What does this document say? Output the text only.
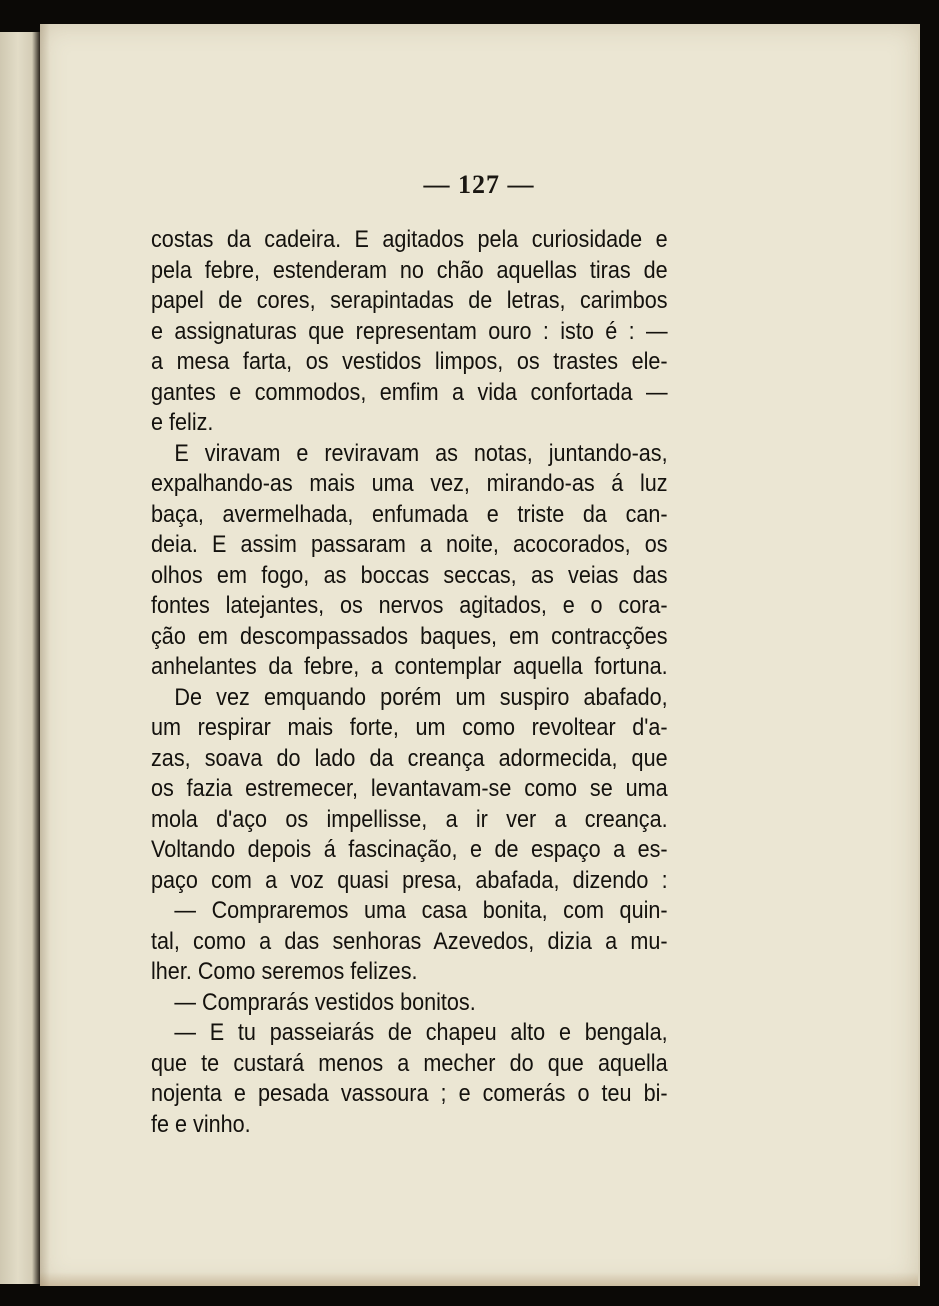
— 127 —
costas da cadeira. E agitados pela curiosidade e
pela febre, estenderam no chão aquellas tiras de
papel de cores, serapintadas de letras, carimbos
e assignaturas que representam ouro : isto é : —
a mesa farta, os vestidos limpos, os trastes ele-
gantes e commodos, emfim a vida confortada —
e feliz.
E viravam e reviravam as notas, juntando-as,
expalhando-as mais uma vez, mirando-as á luz
baça, avermelhada, enfumada e triste da can-
deia. E assim passaram a noite, acocorados, os
olhos em fogo, as boccas seccas, as veias das
fontes latejantes, os nervos agitados, e o cora-
ção em descompassados baques, em contracções
anhelantes da febre, a contemplar aquella fortuna.
De vez emquando porém um suspiro abafado,
um respirar mais forte, um como revoltear d'a-
zas, soava do lado da creança adormecida, que
os fazia estremecer, levantavam-se como se uma
mola d'aço os impellisse, a ir ver a creança.
Voltando depois á fascinação, e de espaço a es-
paço com a voz quasi presa, abafada, dizendo :
— Compraremos uma casa bonita, com quin-
tal, como a das senhoras Azevedos, dizia a mu-
lher. Como seremos felizes.
— Comprarás vestidos bonitos.
— E tu passeiarás de chapeu alto e bengala,
que te custará menos a mecher do que aquella
nojenta e pesada vassoura ; e comerás o teu bi-
fe e vinho.
